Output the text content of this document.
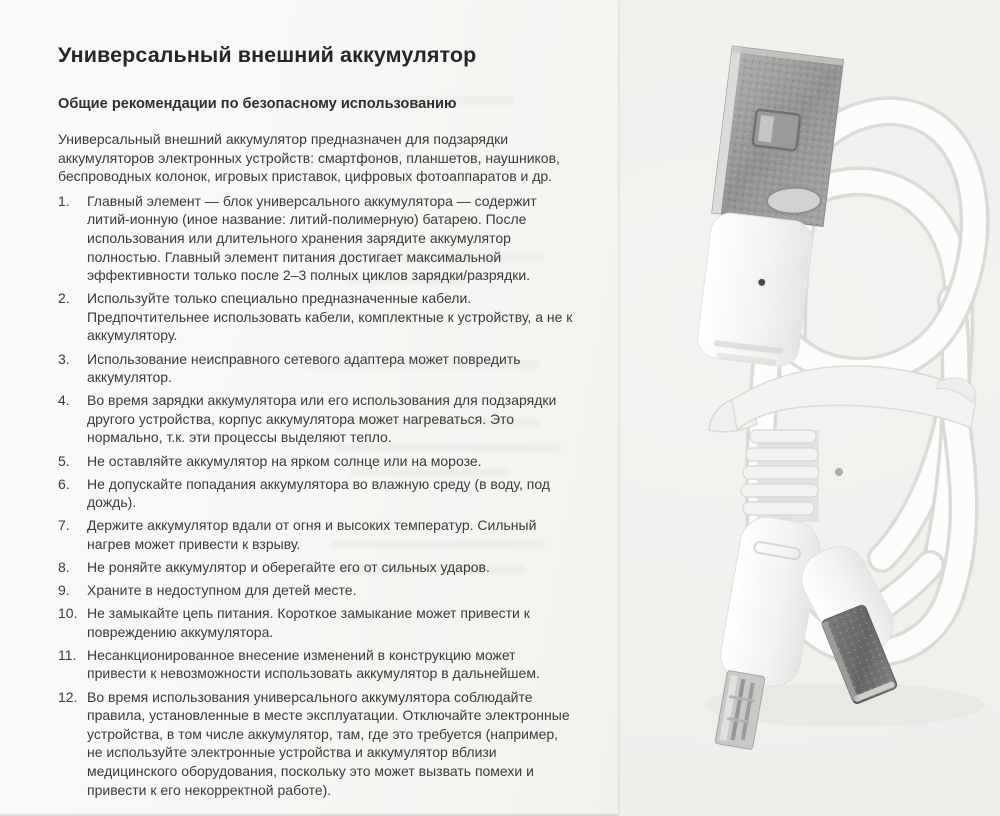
Универсальный внешний аккумулятор
Общие рекомендации по безопасному использованию

Универсальный внешний аккумулятор предназначен для подзарядки аккумуляторов электронных устройств: смартфонов, планшетов, наушников, беспроводных колонок, игровых приставок, цифровых фотоаппаратов и др.

1.	Главный элемент — блок универсального аккумулятора — содержит литий-ионную (иное название: литий-полимерную) батарею. После использования или длительного хранения зарядите аккумулятор полностью. Главный элемент питания достигает максимальной эффективности только после 2–3 полных циклов зарядки/разрядки.
2.	Используйте только специально предназначенные кабели. Предпочтительнее использовать кабели, комплектные к устройству, а не к аккумулятору.
3.	Использование неисправного сетевого адаптера может повредить аккумулятор.
4.	Во время зарядки аккумулятора или его использования для подзарядки другого устройства, корпус аккумулятора может нагреваться. Это нормально, т.к. эти процессы выделяют тепло.
5.	Не оставляйте аккумулятор на ярком солнце или на морозе.
6.	Не допускайте попадания аккумулятора во влажную среду (в воду, под дождь).
7.	Держите аккумулятор вдали от огня и высоких температур. Сильный нагрев может привести к взрыву.
8.	Не роняйте аккумулятор и оберегайте его от сильных ударов.
9.	Храните в недоступном для детей месте.
10. Не замыкайте цепь питания. Короткое замыкание может привести к повреждению аккумулятора.
11. Несанкционированное внесение изменений в конструкцию может привести к невозможности использовать аккумулятор в дальнейшем.
12. Во время использования универсального аккумулятора соблюдайте правила, установленные в месте эксплуатации. Отключайте электронные устройства, в том числе аккумулятор, там, где это требуется (например, не используйте электронные устройства и аккумулятор вблизи медицинского оборудования, поскольку это может вызвать помехи и привести к его некорректной работе).
